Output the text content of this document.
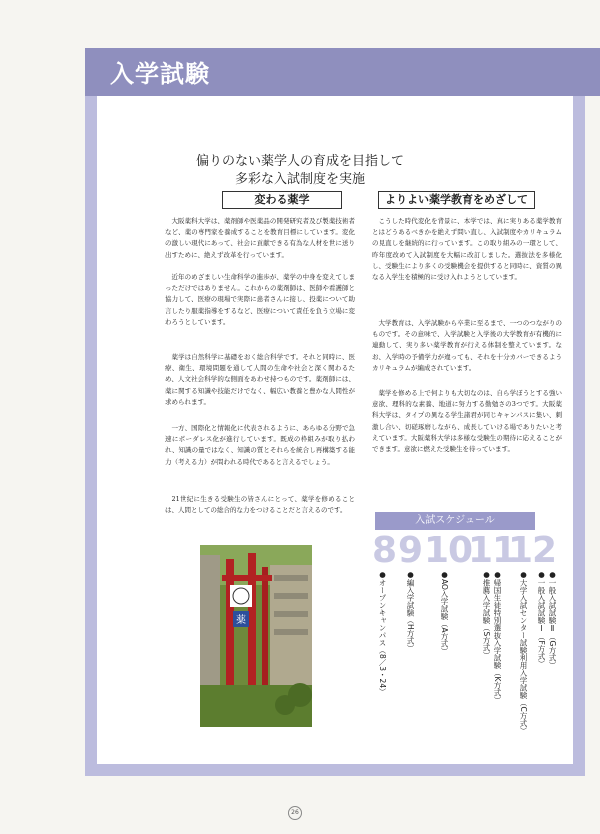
入学試験
偏りのない薬学人の育成を目指して
多彩な入試制度を実施
変わる薬学

大阪薬科大学は、薬剤師や医薬品の開発研究者及び製薬技術者など、薬の専門家を養成することを教育目標にしています。変化の激しい現代にあって、社会に貢献できる有為な人材を世に送り出すために、絶えず改革を行っています。

近年のめざましい生命科学の進歩が、薬学の中身を変えてしまっただけではありません。これからの薬剤師は、医師や看護師と協力して、医療の現場で実際に患者さんに接し、投薬について助言したり服薬指導をするなど、医療について責任を負う立場に変わろうとしています。

薬学は自然科学に基礎をおく総合科学です。それと同時に、医療、衛生、環境問題を通して人間の生命や社会と深く関わるため、人文社会科学的な側面をあわせ持つものです。薬剤師には、薬に関する知識や技能だけでなく、幅広い教養と豊かな人間性が求められます。

一方、国際化と情報化に代表されるように、あらゆる分野で急速にボーダレス化が進行しています。既成の枠組みが取り払われ、知識の量ではなく、知識の質とそれらを統合し再構築する能力（考える力）が問われる時代であると言えるでしょう。

21世紀に生きる受験生の皆さんにとって、薬学を修めることは、人間としての総合的な力をつけることだと言えるのです。

よりよい薬学教育をめざして

こうした時代変化を背景に、本学では、真に実りある薬学教育とはどうあるべきかを絶えず問い直し、入試制度やカリキュラムの見直しを継続的に行っています。この取り組みの一環として、昨年度改めて入試制度を大幅に改訂しました。選抜法を多様化し、受験生により多くの受験機会を提供すると同時に、資質の異なる入学生を積極的に受け入れようとしています。

大学教育は、入学試験から卒業に至るまで、一つのつながりのものです。その意味で、入学試験と入学後の大学教育が有機的に連動して、実り多い薬学教育が行える体制を整えています。なお、入学時の予備学力が違っても、それを十分カバーできるようカリキュラムが編成されています。

薬学を修める上で何よりも大切なのは、自ら学ぼうとする強い意欲、理科的な素養、地道に努力する勤勉さの3つです。大阪薬科大学は、タイプの異なる学生諸君が同じキャンパスに集い、刺激し合い、切磋琢磨しながら、成長していける場でありたいと考えています。大阪薬科大学は多様な受験生の期待に応えることができます。意欲に燃えた受験生を待っています。

薬
入試スケジュール
8 9 10
11
12
●一般入試試験Ⅱ（G方式）
●一般入試試験Ⅰ（F方式）
●大学入試センター試験利用入学試験（C方式）
●帰国生徒特別選抜入学試験（K方式）
●推薦入学試験（S方式）
●AO入学試験（A方式）
●編入学試験（H方式）
●オープンキャンパス（8／3・24）
26
